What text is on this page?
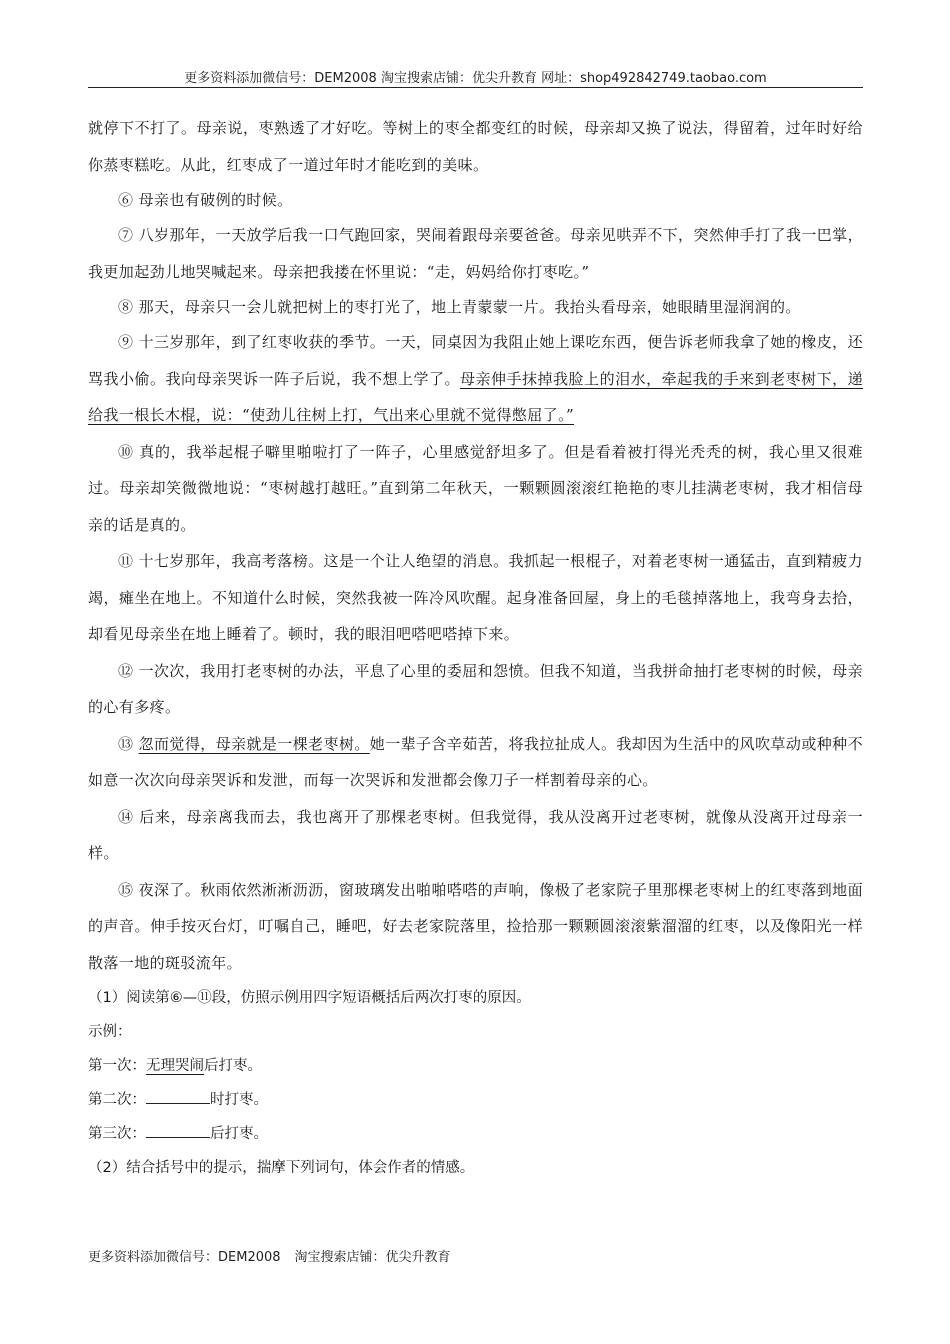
更多资料添加微信号：DEM2008 淘宝搜索店铺：优尖升教育 网址：shop492842749.taobao.com

就停下不打了。母亲说，枣熟透了才好吃。等树上的枣全都变红的时候，母亲却又换了说法，得留着，过年时好给你蒸枣糕吃。从此，红枣成了一道过年时才能吃到的美味。

⑥ 母亲也有破例的时候。

⑦ 八岁那年，一天放学后我一口气跑回家，哭闹着跟母亲要爸爸。母亲见哄弄不下，突然伸手打了我一巴掌，我更加起劲儿地哭喊起来。母亲把我搂在怀里说：“走，妈妈给你打枣吃。”

⑧ 那天，母亲只一会儿就把树上的枣打光了，地上青蒙蒙一片。我抬头看母亲，她眼睛里湿润润的。

⑨ 十三岁那年，到了红枣收获的季节。一天，同桌因为我阻止她上课吃东西，便告诉老师我拿了她的橡皮，还骂我小偷。我向母亲哭诉一阵子后说，我不想上学了。母亲伸手抹掉我脸上的泪水，牵起我的手来到老枣树下，递给我一根长木棍，说：“使劲儿往树上打，气出来心里就不觉得憋屈了。”

⑩ 真的，我举起棍子噼里啪啦打了一阵子，心里感觉舒坦多了。但是看着被打得光秃秃的树，我心里又很难过。母亲却笑微微地说：“枣树越打越旺。”直到第二年秋天，一颗颗圆滚滚红艳艳的枣儿挂满老枣树，我才相信母亲的话是真的。

⑪ 十七岁那年，我高考落榜。这是一个让人绝望的消息。我抓起一根棍子，对着老枣树一通猛击，直到精疲力竭，瘫坐在地上。不知道什么时候，突然我被一阵冷风吹醒。起身准备回屋，身上的毛毯掉落地上，我弯身去拾，却看见母亲坐在地上睡着了。顿时，我的眼泪吧嗒吧嗒掉下来。

⑫ 一次次，我用打老枣树的办法，平息了心里的委屈和怨愤。但我不知道，当我拼命抽打老枣树的时候，母亲的心有多疼。

⑬ 忽而觉得，母亲就是一棵老枣树。她一辈子含辛茹苦，将我拉扯成人。我却因为生活中的风吹草动或种种不如意一次次向母亲哭诉和发泄，而每一次哭诉和发泄都会像刀子一样割着母亲的心。

⑭ 后来，母亲离我而去，我也离开了那棵老枣树。但我觉得，我从没离开过老枣树，就像从没离开过母亲一样。

⑮ 夜深了。秋雨依然淅淅沥沥，窗玻璃发出啪啪嗒嗒的声响，像极了老家院子里那棵老枣树上的红枣落到地面的声音。伸手按灭台灯，叮嘱自己，睡吧，好去老家院落里，捡拾那一颗颗圆滚滚紫溜溜的红枣，以及像阳光一样散落一地的斑驳流年。

（1）阅读第⑥—⑪段，仿照示例用四字短语概括后两次打枣的原因。

示例：

第一次：无理哭闹后打枣。

第二次：	时打枣。

第三次：	后打枣。

（2）结合括号中的提示，揣摩下列词句，体会作者的情感。

更多资料添加微信号：DEM2008 淘宝搜索店铺：优尖升教育
